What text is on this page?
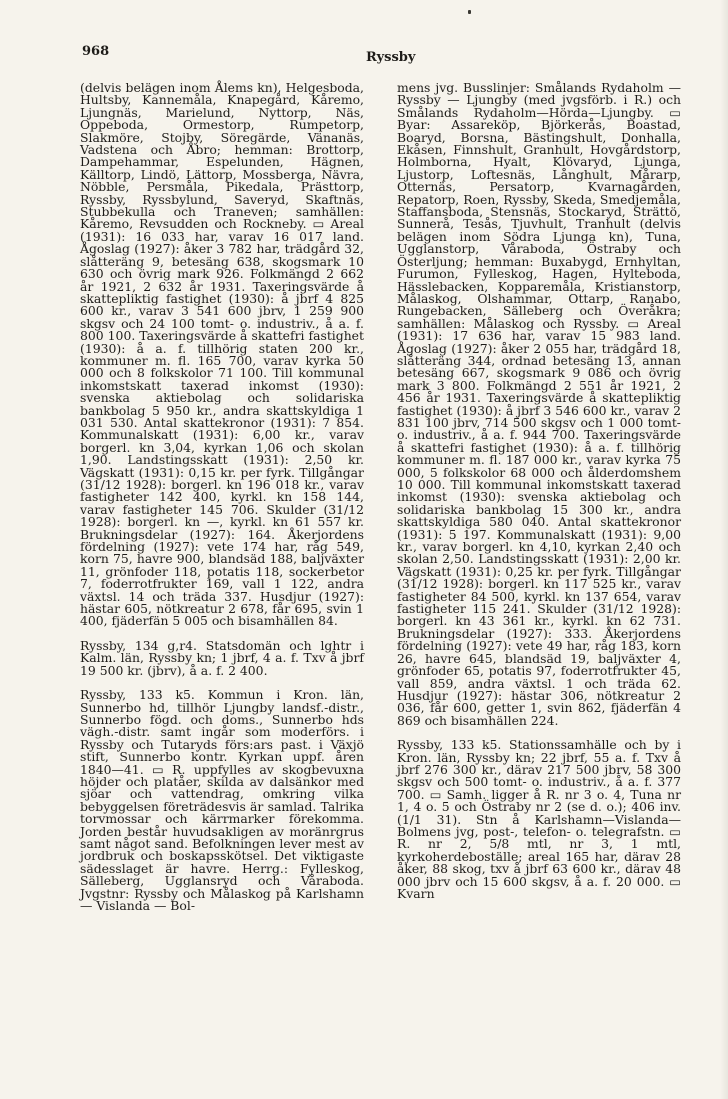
968	Ryssby

(delvis belägen inom Ålems kn), Helgesboda, Hultsby, Kannemåla, Knapegård, Kåremo, Ljungnäs, Marielund, Nyttorp, Näs, Oppeboda, Ormestorp, Rumpetorp, Slakmöre, Stojby, Söregärde, Vänanäs, Vadstena och Åbro; hemman: Brottorp, Dampehammar, Espelunden, Hägnen, Källtorp, Lindö, Lättorp, Mossberga, Nävra, Nöbble, Persmåla, Pikedala, Prästtorp, Ryssby, Ryssbylund, Saveryd, Skaftnäs, Stubbekulla och Traneven; samhällen: Kåremo, Revsudden och Rockneby. ▭ Areal (1931): 16 033 har, varav 16 017 land. Ågoslag (1927): åker 3 782 har, trädgård 32, slåtteräng 9, betesäng 638, skogsmark 10 630 och övrig mark 926. Folkmängd 2 662 år 1921, 2 632 år 1931. Taxeringsvärde å skattepliktig fastighet (1930): å jbrf 4 825 600 kr., varav 3 541 600 jbrv, 1 259 900 skgsv och 24 100 tomt- o. industriv., å a. f. 800 100. Taxeringsvärde å skattefri fastighet (1930): å a. f. tillhörig staten 200 kr., kommuner m. fl. 165 700, varav kyrka 50 000 och 8 folkskolor 71 100. Till kommunal inkomstskatt taxerad inkomst (1930): svenska aktiebolag och solidariska bankbolag 5 950 kr., andra skattskyldiga 1 031 530. Antal skattekronor (1931): 7 854. Kommunalskatt (1931): 6,00 kr., varav borgerl. kn 3,04, kyrkan 1,06 och skolan 1,90. Landstingsskatt (1931): 2,50 kr. Vägskatt (1931): 0,15 kr. per fyrk. Tillgångar (31/12 1928): borgerl. kn 196 018 kr., varav fastigheter 142 400, kyrkl. kn 158 144, varav fastigheter 145 706. Skulder (31/12 1928): borgerl. kn —, kyrkl. kn 61 557 kr. Brukningsdelar (1927): 164. Åkerjordens fördelning (1927): vete 174 har, råg 549, korn 75, havre 900, blandsäd 188, baljväxter 11, grönfoder 118, potatis 118, sockerbetor 7, foderrotfrukter 169, vall 1 122, andra växtsl. 14 och träda 337. Husdjur (1927): hästar 605, nötkreatur 2 678, får 695, svin 1 400, fjäderfän 5 005 och bisamhällen 84.

Ryssby, 134 g,r4. Statsdomän och lghtr i Kalm. län, Ryssby kn; 1 jbrf, 4 a. f. Txv å jbrf 19 500 kr. (jbrv), å a. f. 2 400.

Ryssby, 133 k5. Kommun i Kron. län, Sunnerbo hd, tillhör Ljungby landsf.-distr., Sunnerbo fögd. och doms., Sunnerbo hds vägh.-distr. samt ingår som moderförs. i Ryssby och Tutaryds förs:ars past. i Växjö stift, Sunnerbo kontr. Kyrkan uppf. åren 1840—41. ▭ R. uppfylles av skogbevuxna höjder och platåer, skilda av dalsänkor med sjöar och vattendrag, omkring vilka bebyggelsen företrädesvis är samlad. Talrika torvmossar och kärrmarker förekomma. Jorden består huvudsakligen av moränrgrus samt något sand. Befolkningen lever mest av jordbruk och boskapsskötsel. Det viktigaste sädesslaget är havre. Herrg.: Fylleskog, Sälleberg, Ugglansryd och Våraboda. Jvgstnr: Ryssby och Målaskog på Karlshamn — Vislanda — Bol-

mens jvg. Busslinjer: Smålands Rydaholm — Ryssby — Ljungby (med jvgsförb. i R.) och Smålands Rydaholm—Hörda—Ljungby. ▭ Byar: Assareköp, Björkerås, Boastad, Boaryd, Borsna, Bästingshult, Donhalla, Ekåsen, Finnshult, Granhult, Hovgårdstorp, Holmborna, Hyalt, Klövaryd, Ljunga, Ljustorp, Loftesnäs, Långhult, Mårarp, Otternäs, Persatorp, Kvarnagården, Repatorp, Roen, Ryssby, Skeda, Smedjemåla, Staffansboda, Stensnäs, Stockaryd, Strättö, Sunnerå, Tesås, Tjuvhult, Tranhult (delvis belägen inom Södra Ljunga kn), Tuna, Ugglanstorp, Våraboda, Östraby och Österljung; hemman: Buxabygd, Ernhyltan, Furumon, Fylleskog, Hagen, Hylteboda, Hässlebacken, Kopparemåla, Kristianstorp, Målaskog, Olshammar, Ottarp, Ranabo, Rungebacken, Sälleberg och Överåkra; samhällen: Målaskog och Ryssby. ▭ Areal (1931): 17 636 har, varav 15 983 land. Ågoslag (1927): åker 2 055 har, trädgård 18, slåtteräng 344, ordnad betesäng 13, annan betesäng 667, skogsmark 9 086 och övrig mark 3 800. Folkmängd 2 551 år 1921, 2 456 år 1931. Taxeringsvärde å skattepliktig fastighet (1930): å jbrf 3 546 600 kr., varav 2 831 100 jbrv, 714 500 skgsv och 1 000 tomt- o. industriv., å a. f. 944 700. Taxeringsvärde å skattefri fastighet (1930): å a. f. tillhörig kommuner m. fl. 187 000 kr., varav kyrka 75 000, 5 folkskolor 68 000 och ålderdomshem 10 000. Till kommunal inkomstskatt taxerad inkomst (1930): svenska aktiebolag och solidariska bankbolag 15 300 kr., andra skattskyldiga 580 040. Antal skattekronor (1931): 5 197. Kommunalskatt (1931): 9,00 kr., varav borgerl. kn 4,10, kyrkan 2,40 och skolan 2,50. Landstingsskatt (1931): 2,00 kr. Vägskatt (1931): 0,25 kr. per fyrk. Tillgångar (31/12 1928): borgerl. kn 117 525 kr., varav fastigheter 84 500, kyrkl. kn 137 654, varav fastigheter 115 241. Skulder (31/12 1928): borgerl. kn 43 361 kr., kyrkl. kn 62 731. Brukningsdelar (1927): 333. Åkerjordens fördelning (1927): vete 49 har, råg 183, korn 26, havre 645, blandsäd 19, baljväxter 4, grönfoder 65, potatis 97, foderrotfrukter 45, vall 859, andra växtsl. 1 och träda 62. Husdjur (1927): hästar 306, nötkreatur 2 036, får 600, getter 1, svin 862, fjäderfän 4 869 och bisamhällen 224.

Ryssby, 133 k5. Stationssamhälle och by i Kron. län, Ryssby kn; 22 jbrf, 55 a. f. Txv å jbrf 276 300 kr., därav 217 500 jbrv, 58 300 skgsv och 500 tomt- o. industriv., å a. f. 377 700. ▭ Samh. ligger å R. nr 3 o. 4, Tuna nr 1, 4 o. 5 och Östraby nr 2 (se d. o.); 406 inv. (1/1 31). Stn å Karlshamn—Vislanda—Bolmens jvg, post-, telefon- o. telegrafstn. ▭ R. nr 2, 5/8 mtl, nr 3, 1 mtl, kyrkoherdeboställe; areal 165 har, därav 28 åker, 88 skog, txv å jbrf 63 600 kr., därav 48 000 jbrv och 15 600 skgsv, å a. f. 20 000. ▭ Kvarn
